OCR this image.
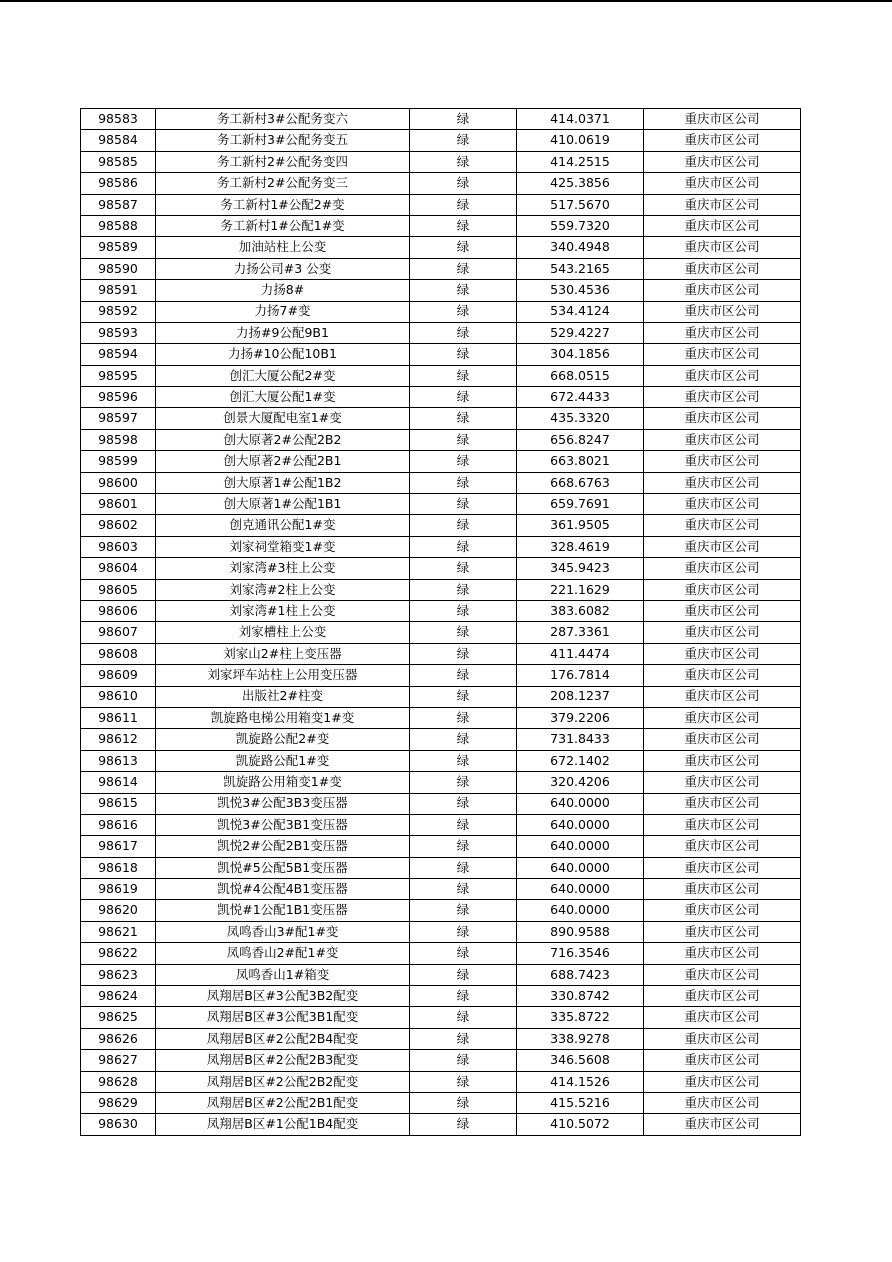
98583	务工新村3#公配务变六	绿	414.0371	重庆市区公司
98584	务工新村3#公配务变五	绿	410.0619	重庆市区公司
98585	务工新村2#公配务变四	绿	414.2515	重庆市区公司
98586	务工新村2#公配务变三	绿	425.3856	重庆市区公司
98587	务工新村1#公配2#变	绿	517.5670	重庆市区公司
98588	务工新村1#公配1#变	绿	559.7320	重庆市区公司
98589	加油站柱上公变	绿	340.4948	重庆市区公司
98590	力扬公司#3 公变	绿	543.2165	重庆市区公司
98591	力扬8#	绿	530.4536	重庆市区公司
98592	力扬7#变	绿	534.4124	重庆市区公司
98593	力扬#9公配9B1	绿	529.4227	重庆市区公司
98594	力扬#10公配10B1	绿	304.1856	重庆市区公司
98595	创汇大厦公配2#变	绿	668.0515	重庆市区公司
98596	创汇大厦公配1#变	绿	672.4433	重庆市区公司
98597	创景大厦配电室1#变	绿	435.3320	重庆市区公司
98598	创大原著2#公配2B2	绿	656.8247	重庆市区公司
98599	创大原著2#公配2B1	绿	663.8021	重庆市区公司
98600	创大原著1#公配1B2	绿	668.6763	重庆市区公司
98601	创大原著1#公配1B1	绿	659.7691	重庆市区公司
98602	创克通讯公配1#变	绿	361.9505	重庆市区公司
98603	刘家祠堂箱变1#变	绿	328.4619	重庆市区公司
98604	刘家湾#3柱上公变	绿	345.9423	重庆市区公司
98605	刘家湾#2柱上公变	绿	221.1629	重庆市区公司
98606	刘家湾#1柱上公变	绿	383.6082	重庆市区公司
98607	刘家槽柱上公变	绿	287.3361	重庆市区公司
98608	刘家山2#柱上变压器	绿	411.4474	重庆市区公司
98609	刘家坪车站柱上公用变压器	绿	176.7814	重庆市区公司
98610	出版社2#柱变	绿	208.1237	重庆市区公司
98611	凯旋路电梯公用箱变1#变	绿	379.2206	重庆市区公司
98612	凯旋路公配2#变	绿	731.8433	重庆市区公司
98613	凯旋路公配1#变	绿	672.1402	重庆市区公司
98614	凯旋路公用箱变1#变	绿	320.4206	重庆市区公司
98615	凯悦3#公配3B3变压器	绿	640.0000	重庆市区公司
98616	凯悦3#公配3B1变压器	绿	640.0000	重庆市区公司
98617	凯悦2#公配2B1变压器	绿	640.0000	重庆市区公司
98618	凯悦#5公配5B1变压器	绿	640.0000	重庆市区公司
98619	凯悦#4公配4B1变压器	绿	640.0000	重庆市区公司
98620	凯悦#1公配1B1变压器	绿	640.0000	重庆市区公司
98621	凤鸣香山3#配1#变	绿	890.9588	重庆市区公司
98622	凤鸣香山2#配1#变	绿	716.3546	重庆市区公司
98623	凤鸣香山1#箱变	绿	688.7423	重庆市区公司
98624	凤翔居B区#3公配3B2配变	绿	330.8742	重庆市区公司
98625	凤翔居B区#3公配3B1配变	绿	335.8722	重庆市区公司
98626	凤翔居B区#2公配2B4配变	绿	338.9278	重庆市区公司
98627	凤翔居B区#2公配2B3配变	绿	346.5608	重庆市区公司
98628	凤翔居B区#2公配2B2配变	绿	414.1526	重庆市区公司
98629	凤翔居B区#2公配2B1配变	绿	415.5216	重庆市区公司
98630	凤翔居B区#1公配1B4配变	绿	410.5072	重庆市区公司
